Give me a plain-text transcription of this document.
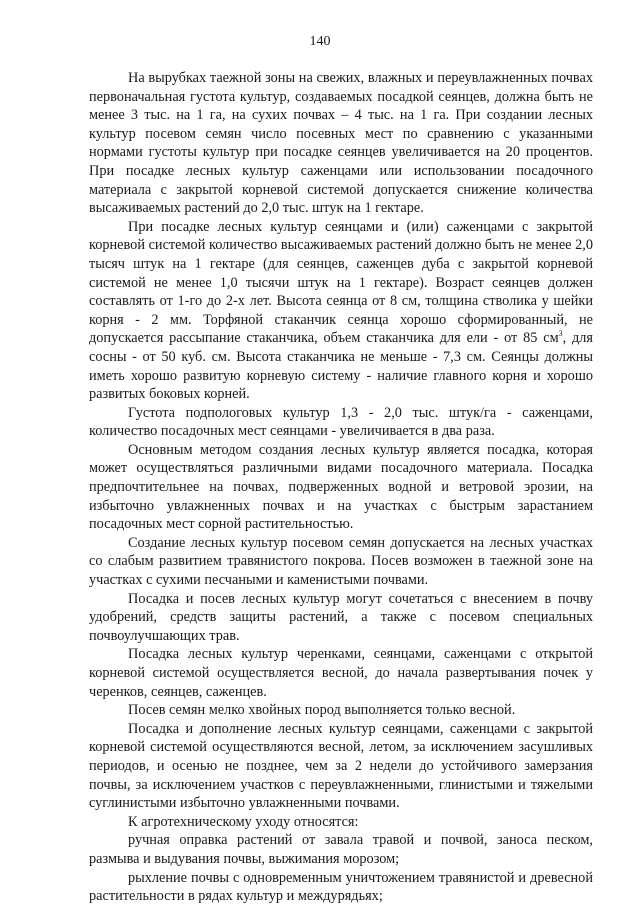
140

На вырубках таежной зоны на свежих, влажных и переувлажненных почвах первоначальная густота культур, создаваемых посадкой сеянцев, должна быть не менее 3 тыс. на 1 га, на сухих почвах – 4 тыс. на 1 га. При создании лесных культур посевом семян число посевных мест по сравнению с указанными нормами густоты культур при посадке сеянцев увеличивается на 20 процентов. При посадке лесных культур саженцами или использовании посадочного материала с закрытой корневой системой допускается снижение количества высаживаемых растений до 2,0 тыс. штук на 1 гектаре.

При посадке лесных культур сеянцами и (или) саженцами с закрытой корневой системой количество высаживаемых растений должно быть не менее 2,0 тысяч штук на 1 гектаре (для сеянцев, саженцев дуба с закрытой корневой системой не менее 1,0 тысячи штук на 1 гектаре). Возраст сеянцев должен составлять от 1-го до 2-х лет. Высота сеянца от 8 см, толщина стволика у шейки корня - 2 мм. Торфяной стаканчик сеянца хорошо сформированный, не допускается рассыпание стаканчика, объем стаканчика для ели - от 85 $см^3$, для сосны - от 50 куб. см. Высота стаканчика не меньше - 7,3 см. Сеянцы должны иметь хорошо развитую корневую систему - наличие главного корня и хорошо развитых боковых корней.

Густота подпологовых культур 1,3 - 2,0 тыс. штук/га - саженцами, количество посадочных мест сеянцами - увеличивается в два раза.

Основным методом создания лесных культур является посадка, которая может осуществляться различными видами посадочного материала. Посадка предпочтительнее на почвах, подверженных водной и ветровой эрозии, на избыточно увлажненных почвах и на участках с быстрым зарастанием посадочных мест сорной растительностью.

Создание лесных культур посевом семян допускается на лесных участках со слабым развитием травянистого покрова. Посев возможен в таежной зоне на участках с сухими песчаными и каменистыми почвами.

Посадка и посев лесных культур могут сочетаться с внесением в почву удобрений, средств защиты растений, а также с посевом специальных почвоулучшающих трав.

Посадка лесных культур черенками, сеянцами, саженцами с открытой корневой системой осуществляется весной, до начала развертывания почек у черенков, сеянцев, саженцев.

Посев семян мелко хвойных пород выполняется только весной.

Посадка и дополнение лесных культур сеянцами, саженцами с закрытой корневой системой осуществляются весной, летом, за исключением засушливых периодов, и осенью не позднее, чем за 2 недели до устойчивого замерзания почвы, за исключением участков с переувлажненными, глинистыми и тяжелыми суглинистыми избыточно увлажненными почвами.

К агротехническому уходу относятся:

ручная оправка растений от завала травой и почвой, заноса песком, размыва и выдувания почвы, выжимания морозом;

рыхление почвы с одновременным уничтожением травянистой и древесной растительности в рядах культур и междурядьях;
